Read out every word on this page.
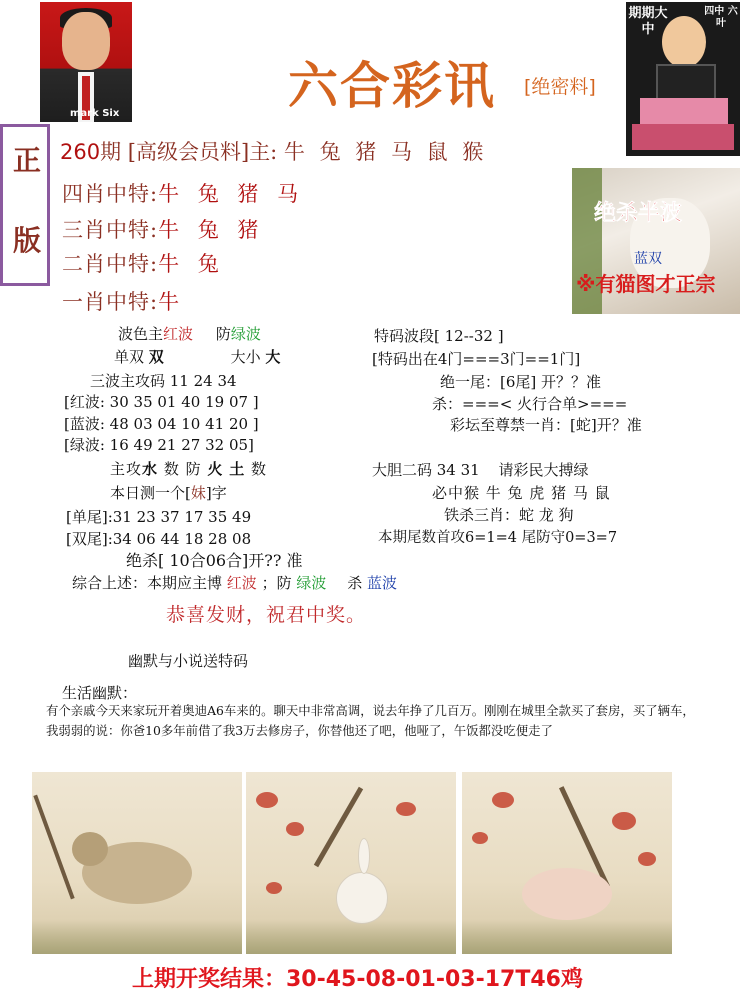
mark Six	六合彩讯 [绝密料]
期期大中
四中 六叶
正
版
260期 [高级会员料]主: 牛 兔 猪 马 鼠 猴
四肖中特:牛 兔 猪 马
三肖中特:牛 兔 猪
二肖中特:牛 兔
一肖中特:牛
绝杀半波
蓝双
※有猫图才正宗
波色主红波 防绿波
单双 双	大小 大
三波主攻码 11 24 34
[红波: 30 35 01 40 19 07 ]
[蓝波: 48 03 04 10 41 20 ]
[绿波: 16 49 21 27 32 05]
主攻水 数 防 火 土 数
本日测一个[妹]字
[单尾]:31 23 37 17 35 49
[双尾]:34 06 44 18 28 08
绝杀[ 10合06合]开?? 准
综合上述：本期应主博 红波 ；防 绿波 杀 蓝波
特码波段[ 12--32 ]
[特码出在4门===3门==1门]
绝一尾：[6尾] 开？？准
杀：===< 火行合单>===
彩坛至尊禁一肖：[蛇]开？准
大胆二码 34 31 请彩民大搏绿
必中猴 牛 兔 虎 猪 马 鼠
铁杀三肖：蛇 龙 狗
本期尾数首攻6=1=4 尾防守0=3=7
恭喜发财，祝君中奖。
幽默与小说送特码
生活幽默：
有个亲戚今天来家玩开着奥迪A6车来的。聊天中非常高调，说去年挣了几百万。刚刚在城里全款买了套房，买了辆车，我弱弱的说：你爸10多年前借了我3万去修房子，你替他还了吧，他哑了，午饭都没吃便走了
上期开奖结果：30-45-08-01-03-17T46鸡
